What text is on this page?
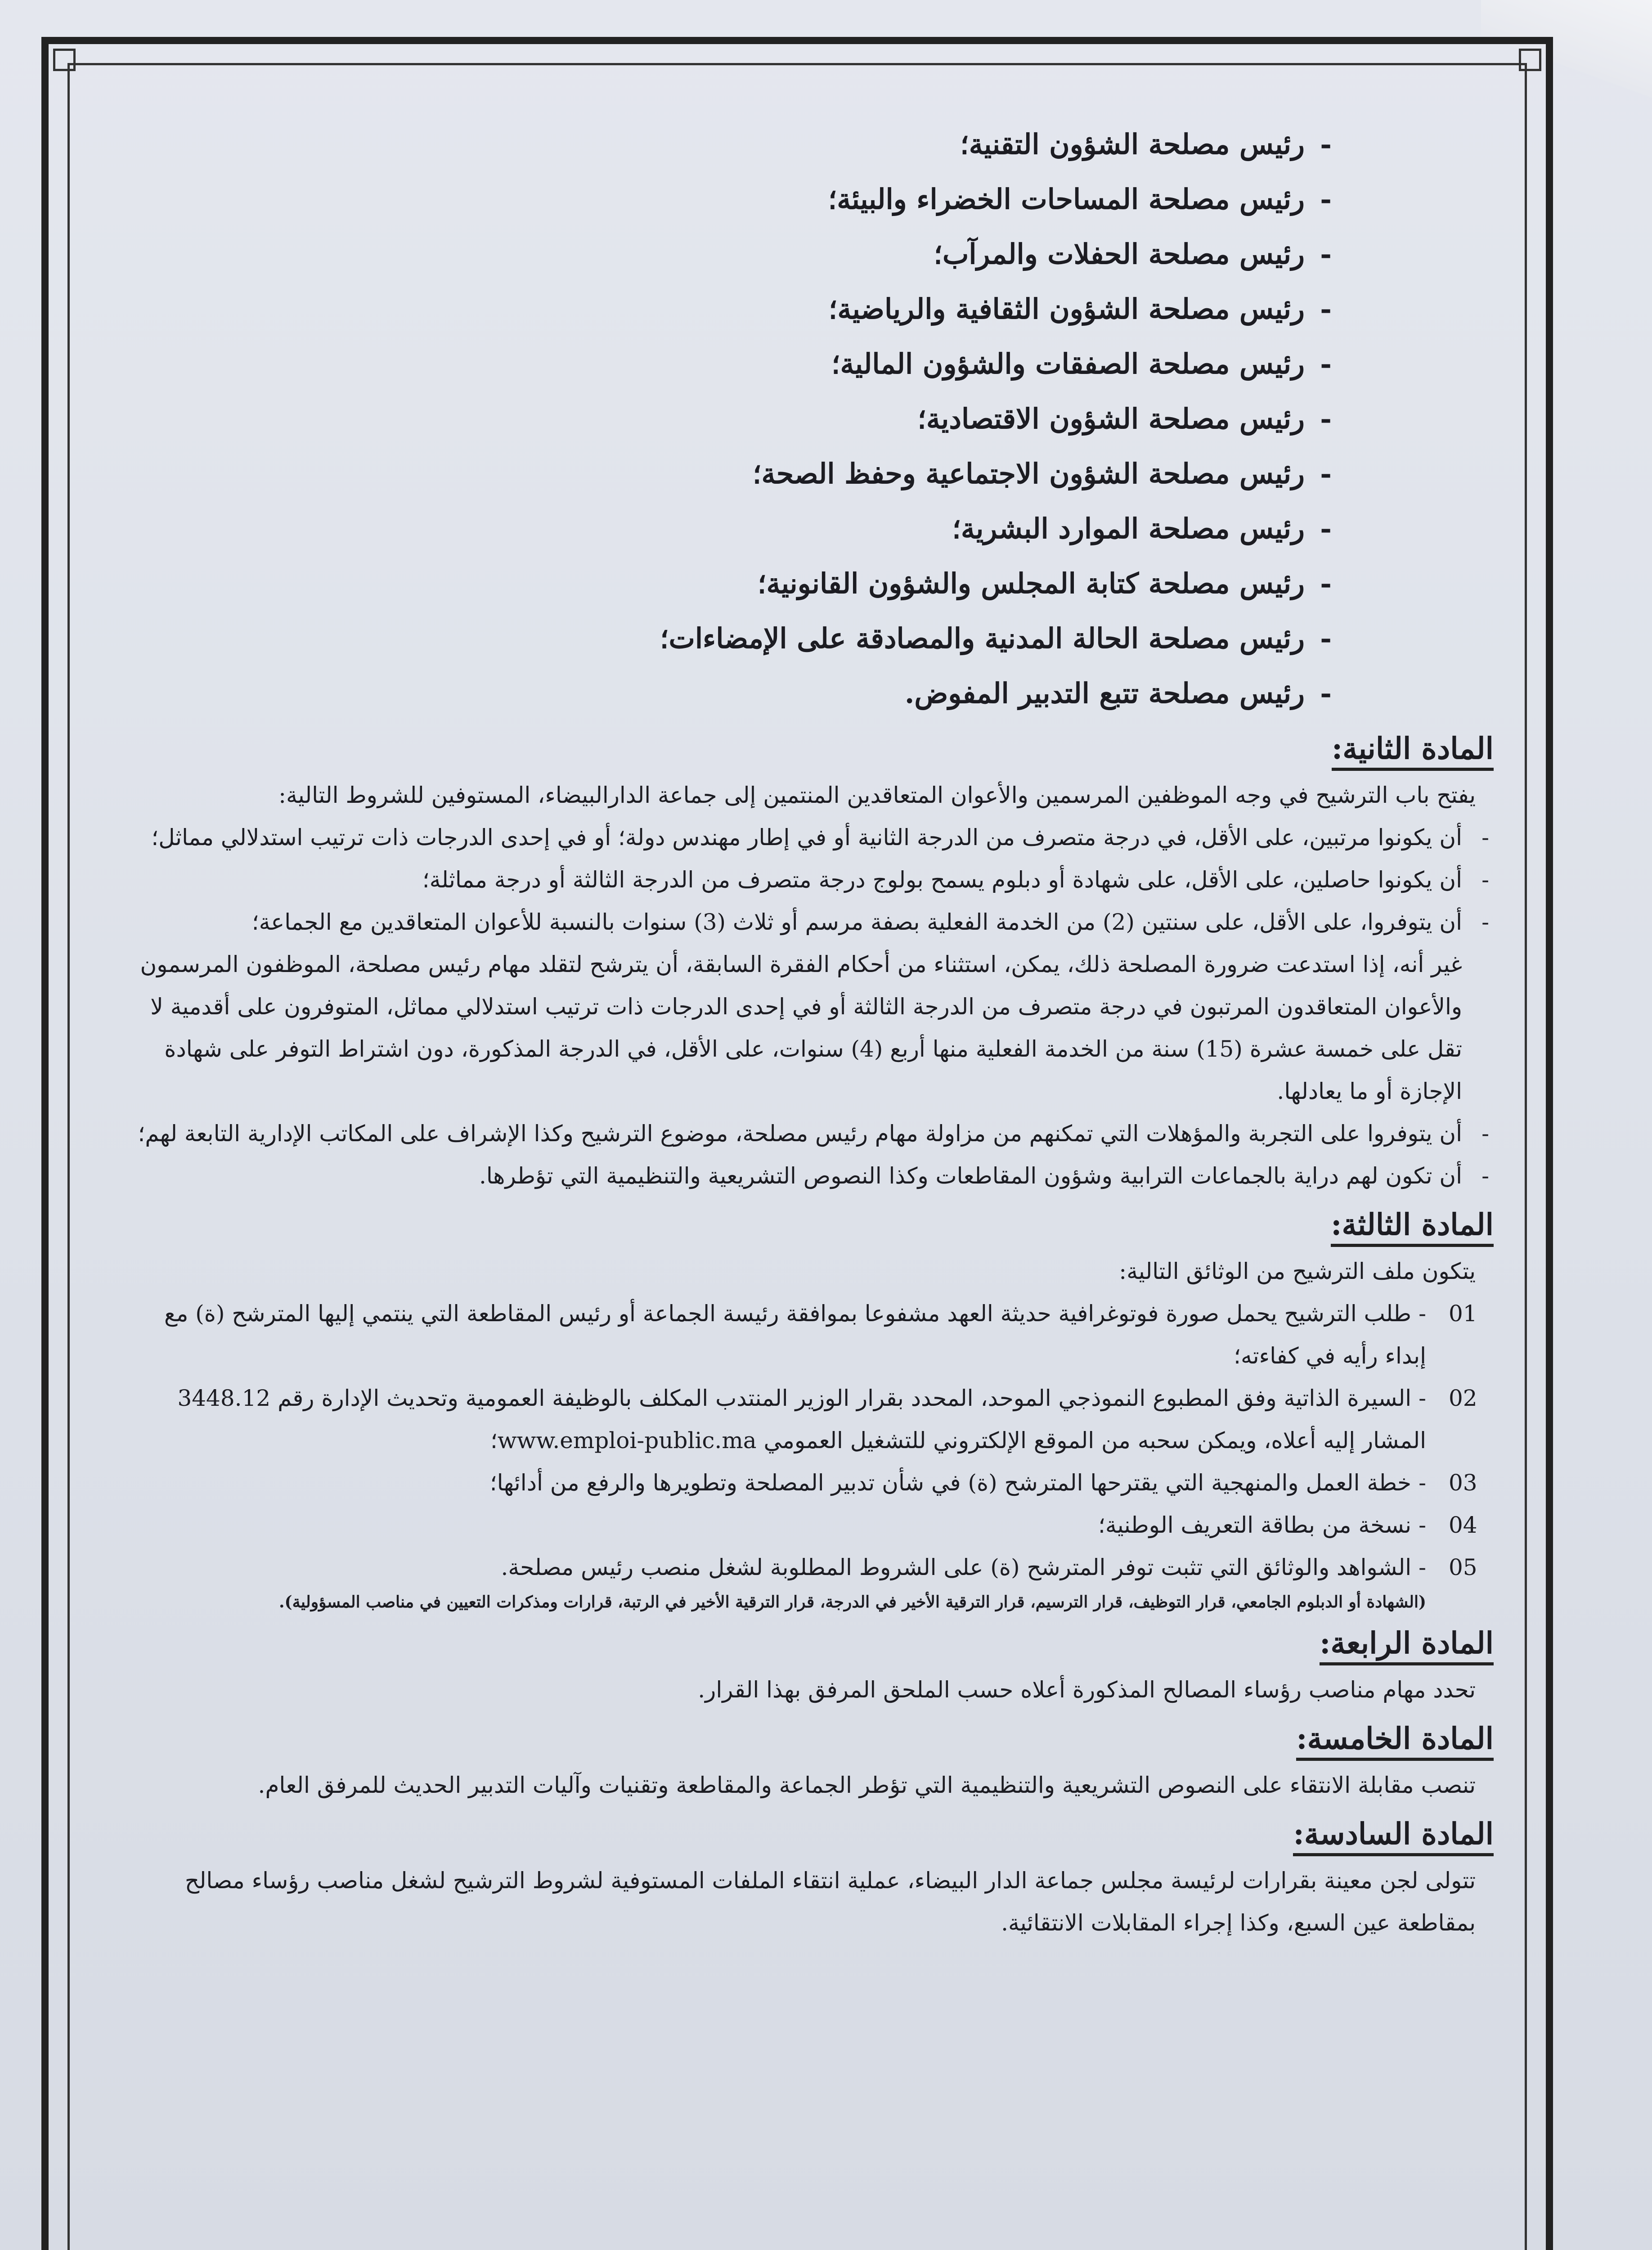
- رئيس مصلحة الشؤون التقنية؛
- رئيس مصلحة المساحات الخضراء والبيئة؛
- رئيس مصلحة الحفلات والمرآب؛
- رئيس مصلحة الشؤون الثقافية والرياضية؛
- رئيس مصلحة الصفقات والشؤون المالية؛
- رئيس مصلحة الشؤون الاقتصادية؛
- رئيس مصلحة الشؤون الاجتماعية وحفظ الصحة؛
- رئيس مصلحة الموارد البشرية؛
- رئيس مصلحة كتابة المجلس والشؤون القانونية؛
- رئيس مصلحة الحالة المدنية والمصادقة على الإمضاءات؛
- رئيس مصلحة تتبع التدبير المفوض.
المادة الثانية:

يفتح باب الترشيح في وجه الموظفين المرسمين والأعوان المتعاقدين المنتمين إلى جماعة الدارالبيضاء، المستوفين للشروط التالية:

- أن يكونوا مرتبين، على الأقل، في درجة متصرف من الدرجة الثانية أو في إطار مهندس دولة؛ أو في إحدى الدرجات ذات ترتيب استدلالي مماثل؛
- أن يكونوا حاصلين، على الأقل، على شهادة أو دبلوم يسمح بولوج درجة متصرف من الدرجة الثالثة أو درجة مماثلة؛
- أن يتوفروا، على الأقل، على سنتين (2) من الخدمة الفعلية بصفة مرسم أو ثلاث (3) سنوات بالنسبة للأعوان المتعاقدين مع الجماعة؛

غير أنه، إذا استدعت ضرورة المصلحة ذلك، يمكن، استثناء من أحكام الفقرة السابقة، أن يترشح لتقلد مهام رئيس مصلحة، الموظفون المرسمون والأعوان المتعاقدون المرتبون في درجة متصرف من الدرجة الثالثة أو في إحدى الدرجات ذات ترتيب استدلالي مماثل، المتوفرون على أقدمية لا تقل على خمسة عشرة (15) سنة من الخدمة الفعلية منها أربع (4) سنوات، على الأقل، في الدرجة المذكورة، دون اشتراط التوفر على شهادة الإجازة أو ما يعادلها.

- أن يتوفروا على التجربة والمؤهلات التي تمكنهم من مزاولة مهام رئيس مصلحة، موضوع الترشيح وكذا الإشراف على المكاتب الإدارية التابعة لهم؛
- أن تكون لهم دراية بالجماعات الترابية وشؤون المقاطعات وكذا النصوص التشريعية والتنظيمية التي تؤطرها.
المادة الثالثة:

يتكون ملف الترشيح من الوثائق التالية:

01
-طلب الترشيح يحمل صورة فوتوغرافية حديثة العهد مشفوعا بموافقة رئيسة الجماعة أو رئيس المقاطعة التي ينتمي إليها المترشح (ة) مع إبداء رأيه في كفاءته؛
02
-السيرة الذاتية وفق المطبوع النموذجي الموحد، المحدد بقرار الوزير المنتدب المكلف بالوظيفة العمومية وتحديث الإدارة رقم 3448.12 المشار إليه أعلاه، ويمكن سحبه من الموقع الإلكتروني للتشغيل العمومي www.emploi-public.ma؛
03
-خطة العمل والمنهجية التي يقترحها المترشح (ة) في شأن تدبير المصلحة وتطويرها والرفع من أدائها؛
04
-نسخة من بطاقة التعريف الوطنية؛
05
-الشواهد والوثائق التي تثبت توفر المترشح (ة) على الشروط المطلوبة لشغل منصب رئيس مصلحة.
(الشهادة أو الدبلوم الجامعي، قرار التوظيف، قرار الترسيم، قرار الترقية الأخير في الدرجة، قرار الترقية الأخير في الرتبة، قرارات ومذكرات التعيين في مناصب المسؤولية).
المادة الرابعة:

تحدد مهام مناصب رؤساء المصالح المذكورة أعلاه حسب الملحق المرفق بهذا القرار.

المادة الخامسة:

تنصب مقابلة الانتقاء على النصوص التشريعية والتنظيمية التي تؤطر الجماعة والمقاطعة وتقنيات وآليات التدبير الحديث للمرفق العام.

المادة السادسة:

تتولى لجن معينة بقرارات لرئيسة مجلس جماعة الدار البيضاء، عملية انتقاء الملفات المستوفية لشروط الترشيح لشغل مناصب رؤساء مصالح بمقاطعة عين السبع، وكذا إجراء المقابلات الانتقائية.
